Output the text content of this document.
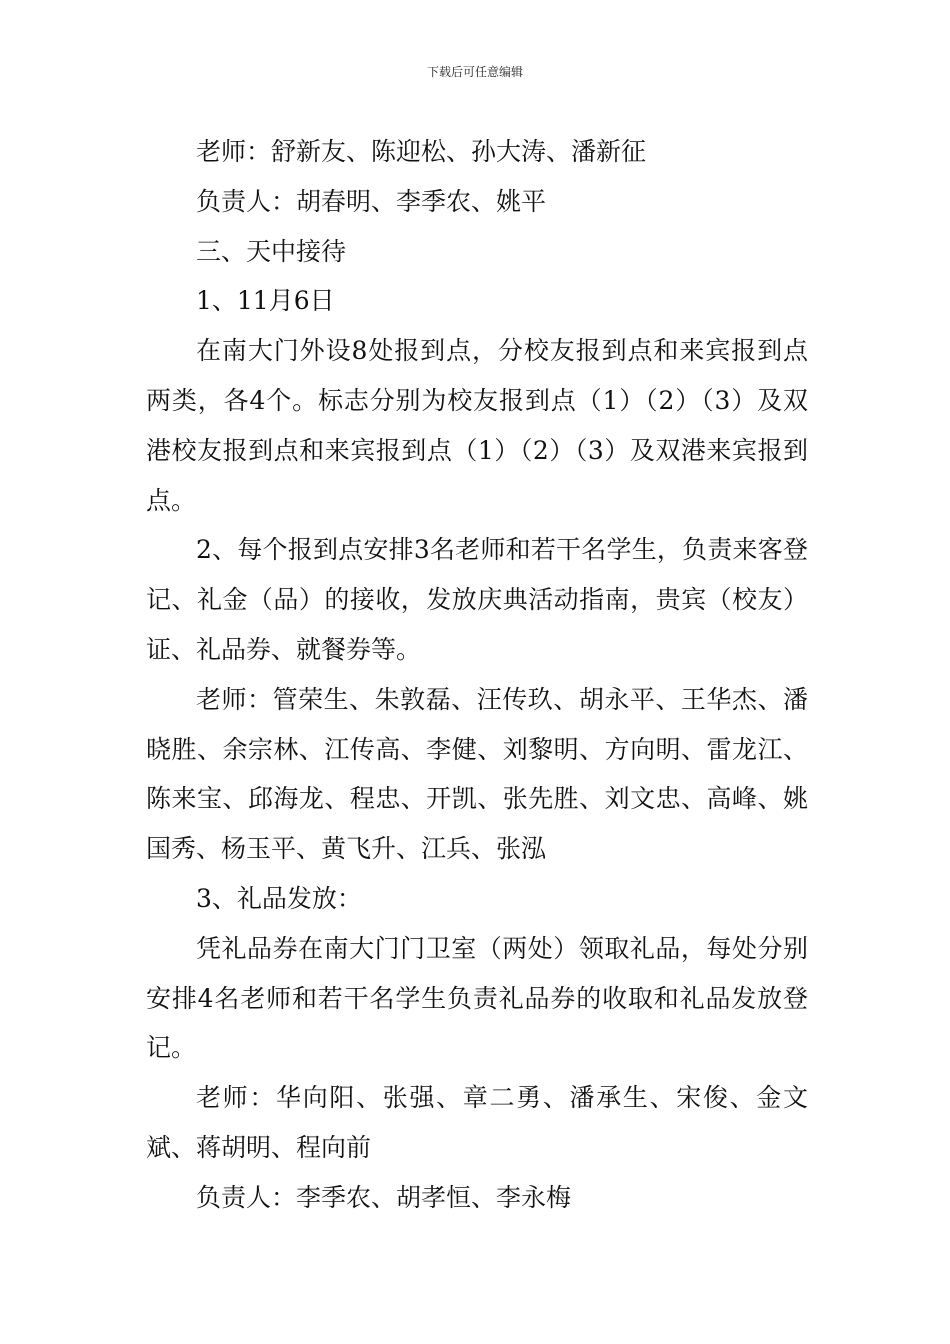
下载后可任意编辑

老师：舒新友、陈迎松、孙大涛、潘新征

负责人：胡春明、李季农、姚平

三、天中接待

1、11月6日

在南大门外设8处报到点，分校友报到点和来宾报到点两类，各4个。标志分别为校友报到点（1）（2）（3）及双港校友报到点和来宾报到点（1）（2）（3）及双港来宾报到点。

2、每个报到点安排3名老师和若干名学生，负责来客登记、礼金（品）的接收，发放庆典活动指南，贵宾（校友）证、礼品券、就餐券等。

老师：管荣生、朱敦磊、汪传玖、胡永平、王华杰、潘晓胜、余宗林、江传高、李健、刘黎明、方向明、雷龙江、陈来宝、邱海龙、程忠、开凯、张先胜、刘文忠、高峰、姚国秀、杨玉平、黄飞升、江兵、张泓

3、礼品发放：

凭礼品券在南大门门卫室（两处）领取礼品，每处分别安排4名老师和若干名学生负责礼品券的收取和礼品发放登记。

老师：华向阳、张强、章二勇、潘承生、宋俊、金文斌、蒋胡明、程向前

负责人：李季农、胡孝恒、李永梅
